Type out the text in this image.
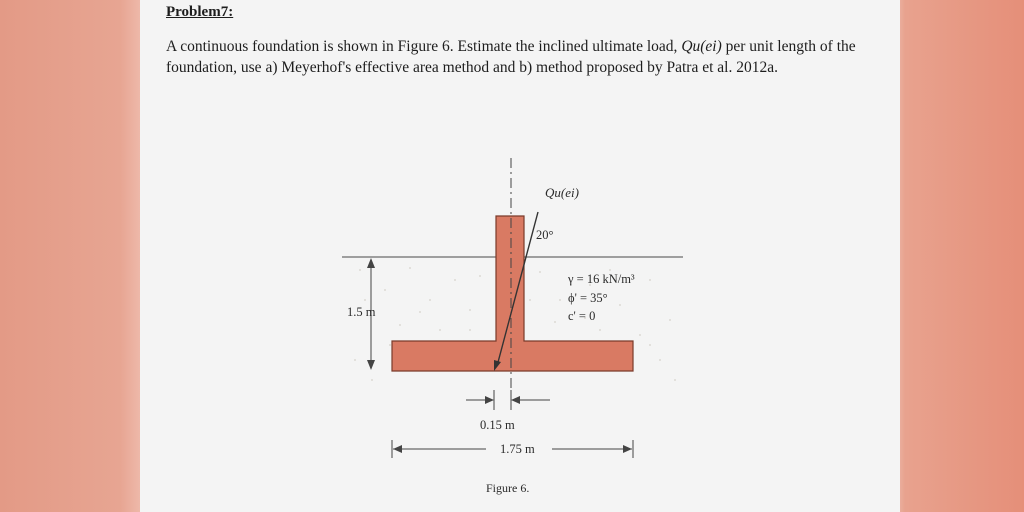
Problem7:
A continuous foundation is shown in Figure 6. Estimate the inclined ultimate load, Qu(ei) per unit length of the foundation, use a) Meyerhof's effective area method and b) method proposed by Patra et al. 2012a.
Qu(ei)
20°
γ = 16 kN/m³
ϕ' = 35°
c' = 0
1.5 m
0.15 m
1.75 m
Figure 6.
